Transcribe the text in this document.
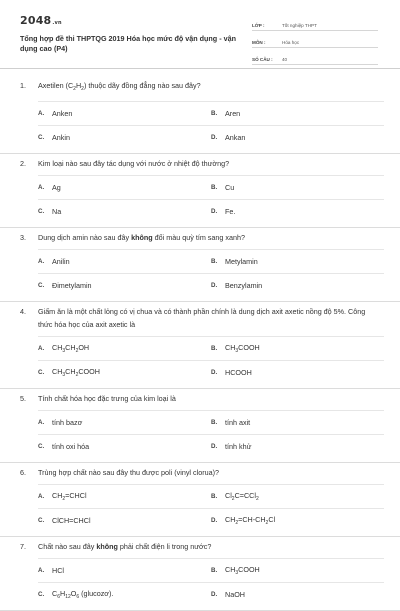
2048.vn
Tổng hợp đề thi THPTQG 2019 Hóa học mức độ vận dụng - vận dụng cao (P4)
LỚP :	Tốt nghiệp THPT
MÔN :	Hóa học
SỐ CÂU :	40
1. Axetilen $(C_2H_2)$ thuộc dãy đồng đẳng nào sau đây?
A.	Anken	B.	Aren
C.	Ankin	D.	Ankan
2. Kim loại nào sau đây tác dụng với nước ở nhiệt độ thường?
A.	Ag	B.	Cu
C.	Na	D.	Fe.
3. Dung dịch amin nào sau đây không đổi màu quỳ tím sang xanh?
A.	Anilin	B.	Metylamin
C.	Đimetylamin	D.	Benzylamin
4. Giấm ăn là một chất lỏng có vị chua và có thành phần chính là dung dịch axit axetic nồng độ 5%. Công thức hóa học của axit axetic là
A.	$CH_3CH_2OH$	B.	$CH_3COOH$
C.	$CH_3CH_2COOH$	D.	HCOOH
5. Tính chất hóa học đặc trưng của kim loại là
A.	tính bazơ	B.	tính axit
C.	tính oxi hóa	D.	tính khử
6. Trùng hợp chất nào sau đây thu được poli (vinyl clorua)?
A.	$CH_2=CHCl$	B.	$Cl_2C=CCl_2$
C.	ClCH=CHCl	D.	$CH_2=CH-CH_2Cl$
7. Chất nào sau đây không phải chất điện li trong nước?
A.	HCl	B.	$CH_3COOH$
C.	$C_6H_{12}O_6$ (glucozơ).	D.	NaOH
